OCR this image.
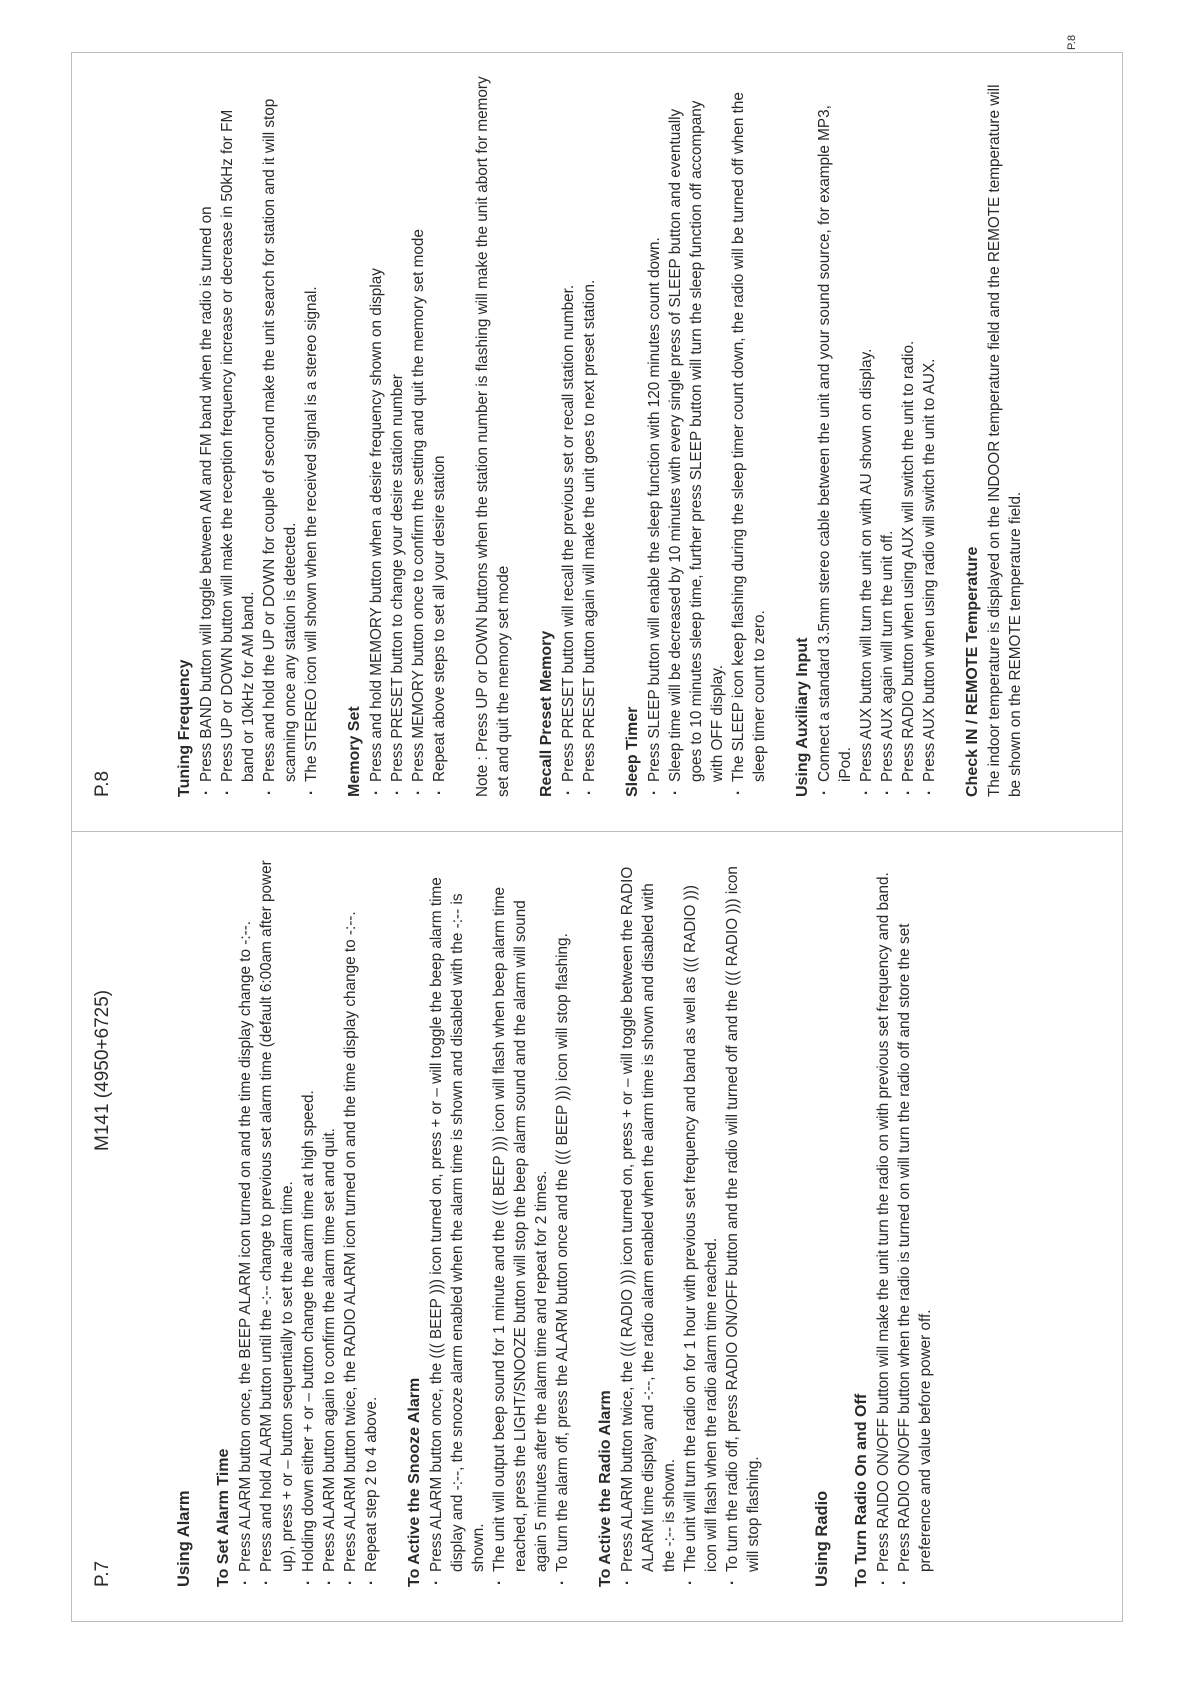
P.7
M141 (4950+6725)
Using Alarm To Set Alarm Time · Press ALARM button once, the BEEP ALARM icon turned on and the time display change to -:--. · Press and hold ALARM button until the -:-- change to previous set alarm time (default 6:00am after power up), press + or – button sequentially to set the alarm time. · Holding down either + or – button change the alarm time at high speed. · Press ALARM button again to confirm the alarm time set and quit. · Press ALARM button twice, the RADIO ALARM icon turned on and the time display change to -:--. · Repeat step 2 to 4 above. To Active the Snooze Alarm · Press ALARM button once, the ((( BEEP ))) icon turned on, press + or – will toggle the beep alarm time display and -:--, the snooze alarm enabled when the alarm time is shown and disabled with the -:-- is shown. · The unit will output beep sound for 1 minute and the ((( BEEP ))) icon will flash when beep alarm time reached, press the LIGHT/SNOOZE button will stop the beep alarm sound and the alarm will sound again 5 minutes after the alarm time and repeat for 2 times. · To turn the alarm off, press the ALARM button once and the ((( BEEP ))) icon will stop flashing. To Active the Radio Alarm · Press ALARM button twice, the ((( RADIO ))) icon turned on, press + or – will toggle between the RADIO ALARM time display and -:--, the radio alarm enabled when the alarm time is shown and disabled with the -:-- is shown. · The unit will turn the radio on for 1 hour with previous set frequency and band as well as ((( RADIO ))) icon will flash when the radio alarm time reached. · To turn the radio off, press RADIO ON/OFF button and the radio will turned off and the ((( RADIO ))) icon will stop flashing.	Using Radio To Turn Radio On and Off · Press RAIDO ON/OFF button will make the unit turn the radio on with previous set frequency and band. · Press RADIO ON/OFF button when the radio is turned on will turn the radio off and store the set preference and value before power off.
P.8	Tuning Frequency · Press BAND button will toggle between AM and FM band when the radio is turned on · Press UP or DOWN button will make the reception frequency increase or decrease in 50kHz for FM band or 10kHz for AM band. · Press and hold the UP or DOWN for couple of second make the unit search for station and it will stop scanning once any station is detected. · The STEREO icon will shown when the received signal is a stereo signal. Memory Set · Press and hold MEMORY button when a desire frequency shown on display · Press PRESET button to change your desire station number · Press MEMORY button once to confirm the setting and quit the memory set mode · Repeat above steps to set all your desire station Note : Press UP or DOWN buttons when the station number is flashing will make the unit abort for memory set and quit the memory set mode Recall Preset Memory · Press PRESET button will recall the previous set or recall station number. · Press PRESET button again will make the unit goes to next preset station. Sleep Timer · Press SLEEP button will enable the sleep function with 120 minutes count down. · Sleep time will be decreased by 10 minutes with every single press of SLEEP button and eventually goes to 10 minutes sleep time, further press SLEEP button will turn the sleep function off accompany with OFF display. · The SLEEP icon keep flashing during the sleep timer count down, the radio will be turned off when the sleep timer count to zero. Using Auxiliary Input · Connect a standard 3.5mm stereo cable between the unit and your sound source, for example MP3, iPod. · Press AUX button will turn the unit on with AU shown on display. · Press AUX again will turn the unit off. · Press RADIO button when using AUX will switch the unit to radio. · Press AUX button when using radio will switch the unit to AUX. Check IN / REMOTE Temperature The indoor temperature is displayed on the INDOOR temperature field and the REMOTE temperature will be shown on the REMOTE temperature field.

P.8
